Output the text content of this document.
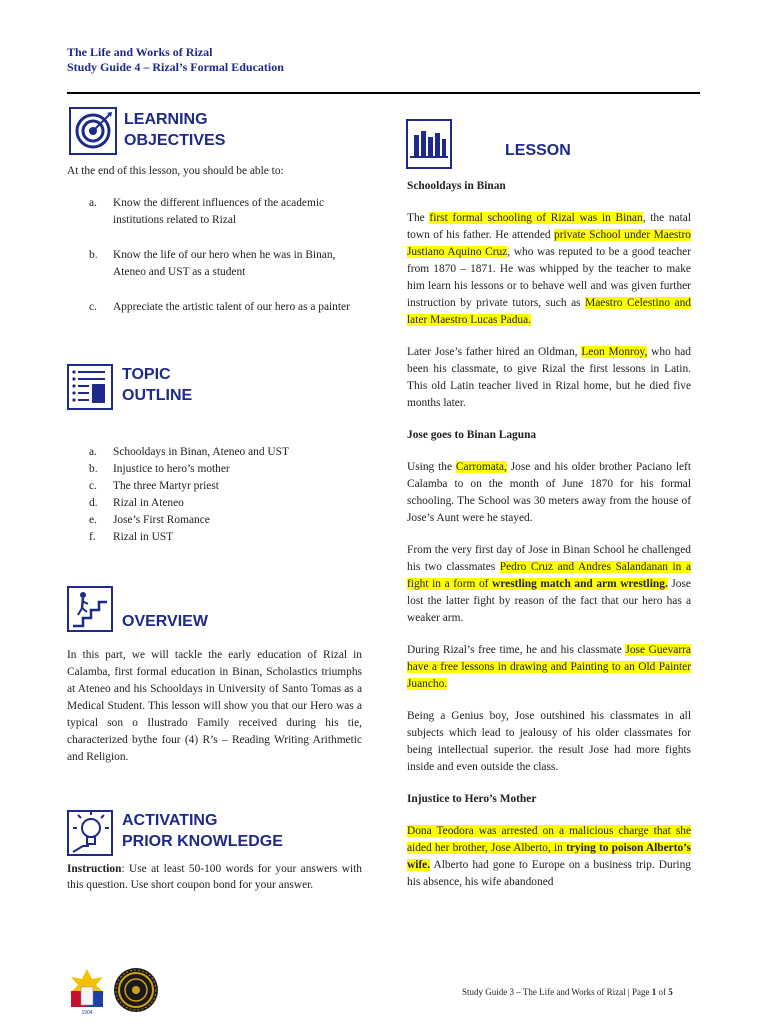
The Life and Works of Rizal
Study Guide 4 – Rizal’s Formal Education
LEARNING
OBJECTIVES
At the end of this lesson, you should be able to:
a. Know the different influences of the academic institutions related to Rizal
b. Know the life of our hero when he was in Binan, Ateneo and UST as a student
c. Appreciate the artistic talent of our hero as a painter
TOPIC
OUTLINE
a. Schooldays in Binan, Ateneo and UST
b. Injustice to hero’s mother
c. The three Martyr priest
d. Rizal in Ateneo
e. Jose’s First Romance
f. Rizal in UST
OVERVIEW
In this part, we will tackle the early education of Rizal in Calamba, first formal education in Binan, Scholastics triumphs at Ateneo and his Schooldays in University of Santo Tomas as a Medical Student. This lesson will show you that our Hero was a typical son o Ilustrado Family received during his tie, characterized bythe four (4) R’s – Reading Writing Arithmetic and Religion.
ACTIVATING
PRIOR KNOWLEDGE
Instruction: Use at least 50-100 words for your answers with this question. Use short coupon bond for your answer.
LESSON
Schooldays in Binan
The first formal schooling of Rizal was in Binan, the natal town of his father. He attended private School under Maestro Justiano Aquino Cruz, who was reputed to be a good teacher from 1870 – 1871. He was whipped by the teacher to make him learn his lessons or to behave well and was given further instruction by private tutors, such as Maestro Celestino and later Maestro Lucas Padua.
Later Jose’s father hired an Oldman, Leon Monroy, who had been his classmate, to give Rizal the first lessons in Latin. This old Latin teacher lived in Rizal home, but he died five months later.
Jose goes to Binan Laguna
Using the Carromata, Jose and his older brother Paciano left Calamba to on the month of June 1870 for his formal schooling. The School was 30 meters away from the house of Jose’s Aunt were he stayed.
From the very first day of Jose in Binan School he challenged his two classmates Pedro Cruz and Andres Salandanan in a fight in a form of wrestling match and arm wrestling. Jose lost the latter fight by reason of the fact that our hero has a weaker arm.
During Rizal’s free time, he and his classmate Jose Guevarra have a free lessons in drawing and Painting to an Old Painter Juancho.
Being a Genius boy, Jose outshined his classmates in all subjects which lead to jealousy of his older classmates for being intellectual superior. the result Jose had more fights inside and even outside the class.
Injustice to Hero’s Mother
Dona Teodora was arrested on a malicious charge that she aided her brother, Jose Alberto, in trying to poison Alberto’s wife. Alberto had gone to Europe on a business trip. During his absence, his wife abandoned
1904
Study Guide 3 – The Life and Works of Rizal | Page 1 of 5
